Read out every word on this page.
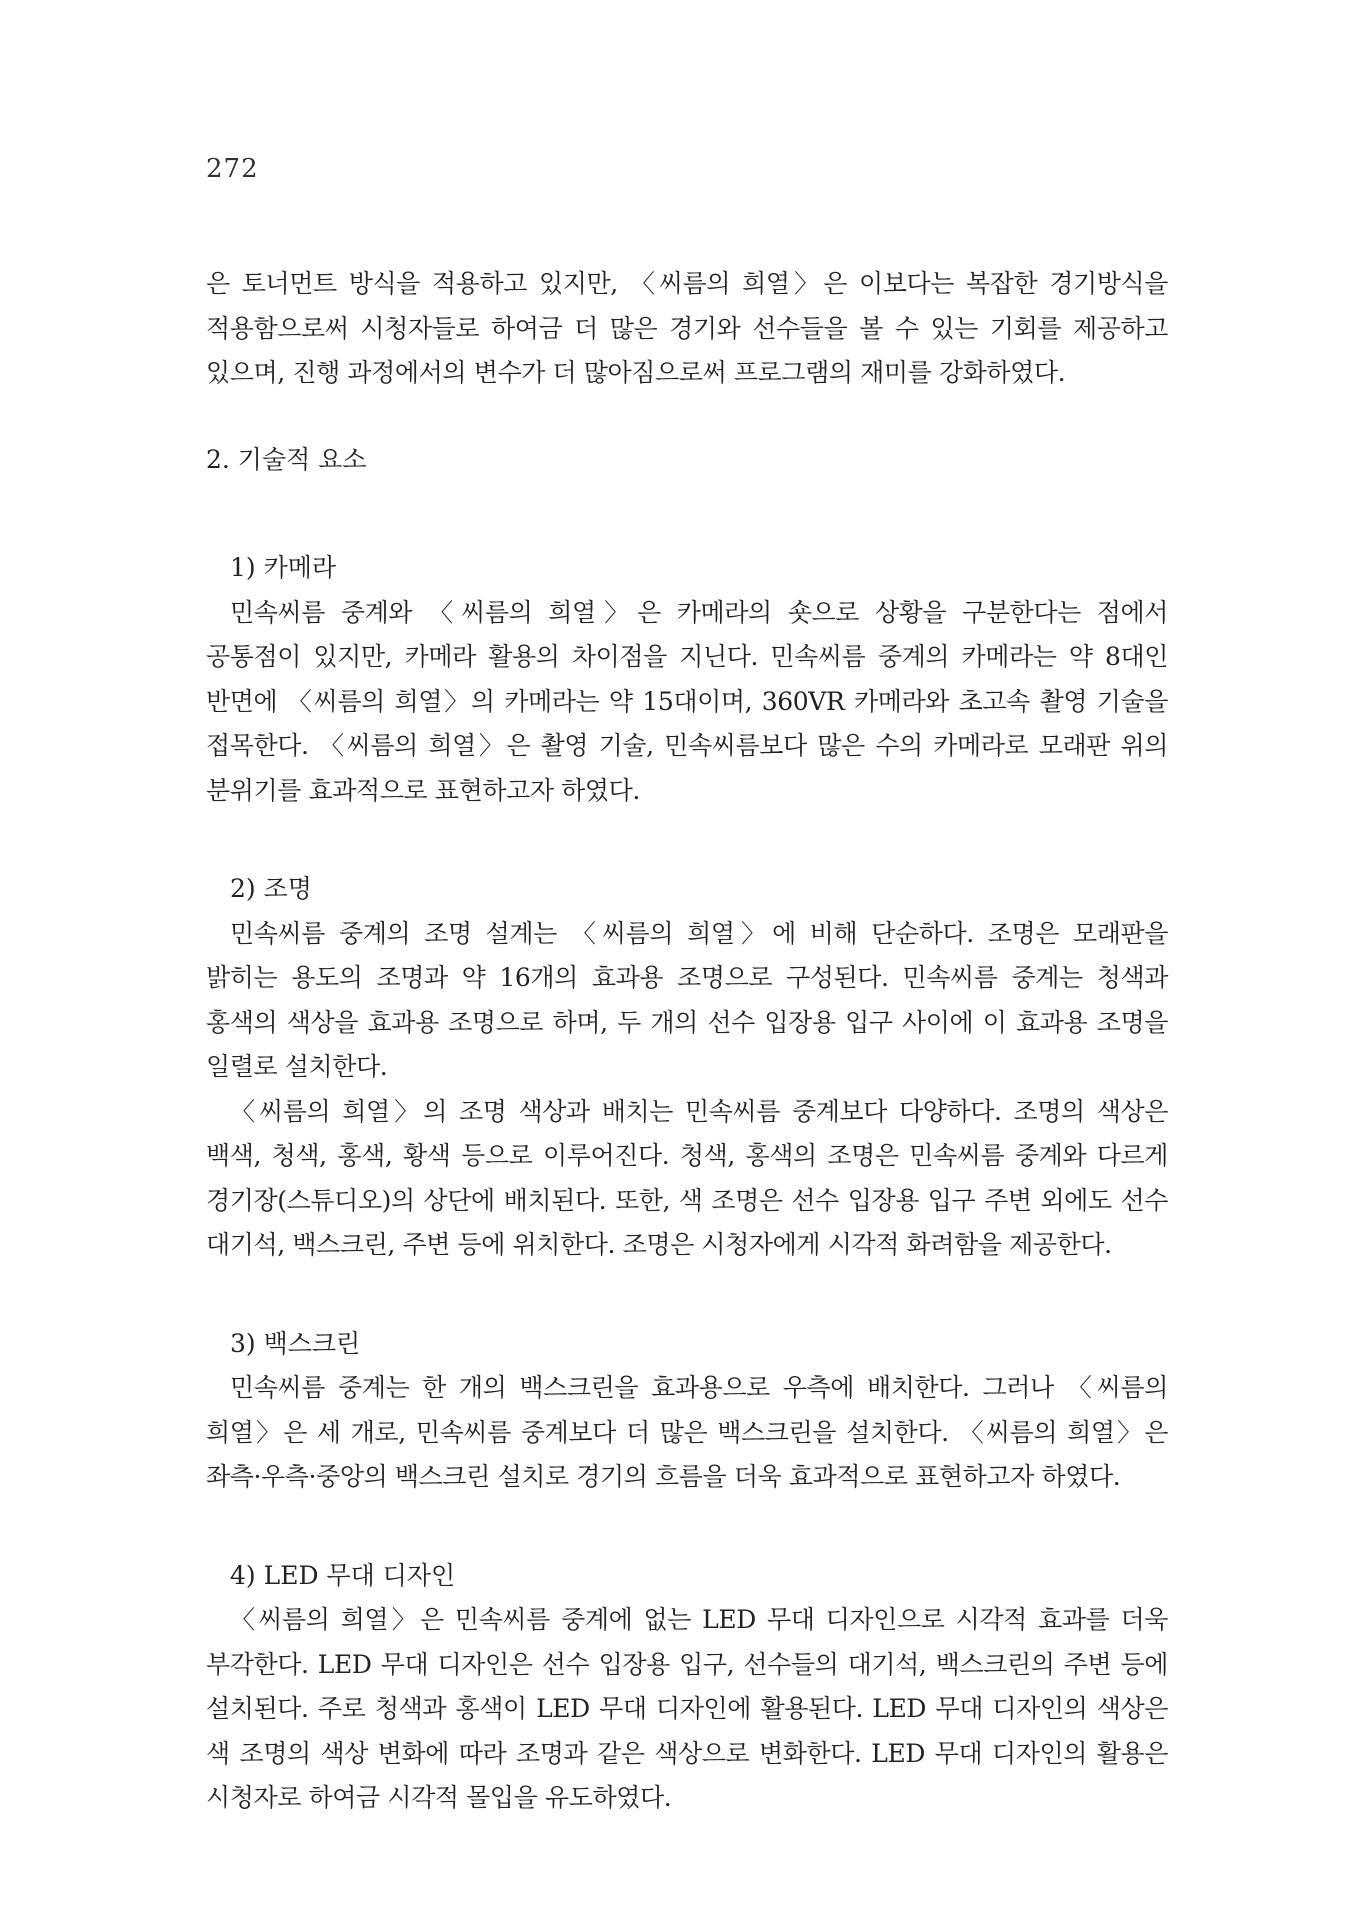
272

은 토너먼트 방식을 적용하고 있지만, 〈씨름의 희열〉은 이보다는 복잡한 경기방식을 적용함으로써 시청자들로 하여금 더 많은 경기와 선수들을 볼 수 있는 기회를 제공하고 있으며, 진행 과정에서의 변수가 더 많아짐으로써 프로그램의 재미를 강화하였다.

2. 기술적 요소
1) 카메라

민속씨름 중계와 〈씨름의 희열〉은 카메라의 숏으로 상황을 구분한다는 점에서 공통점이 있지만, 카메라 활용의 차이점을 지닌다. 민속씨름 중계의 카메라는 약 8대인 반면에 〈씨름의 희열〉의 카메라는 약 15대이며, 360VR 카메라와 초고속 촬영 기술을 접목한다. 〈씨름의 희열〉은 촬영 기술, 민속씨름보다 많은 수의 카메라로 모래판 위의 분위기를 효과적으로 표현하고자 하였다.

2) 조명

민속씨름 중계의 조명 설계는 〈씨름의 희열〉에 비해 단순하다. 조명은 모래판을 밝히는 용도의 조명과 약 16개의 효과용 조명으로 구성된다. 민속씨름 중계는 청색과 홍색의 색상을 효과용 조명으로 하며, 두 개의 선수 입장용 입구 사이에 이 효과용 조명을 일렬로 설치한다.

〈씨름의 희열〉의 조명 색상과 배치는 민속씨름 중계보다 다양하다. 조명의 색상은 백색, 청색, 홍색, 황색 등으로 이루어진다. 청색, 홍색의 조명은 민속씨름 중계와 다르게 경기장(스튜디오)의 상단에 배치된다. 또한, 색 조명은 선수 입장용 입구 주변 외에도 선수 대기석, 백스크린, 주변 등에 위치한다. 조명은 시청자에게 시각적 화려함을 제공한다.

3) 백스크린

민속씨름 중계는 한 개의 백스크린을 효과용으로 우측에 배치한다. 그러나 〈씨름의 희열〉은 세 개로, 민속씨름 중계보다 더 많은 백스크린을 설치한다. 〈씨름의 희열〉은 좌측·우측·중앙의 백스크린 설치로 경기의 흐름을 더욱 효과적으로 표현하고자 하였다.

4) LED 무대 디자인

〈씨름의 희열〉은 민속씨름 중계에 없는 LED 무대 디자인으로 시각적 효과를 더욱 부각한다. LED 무대 디자인은 선수 입장용 입구, 선수들의 대기석, 백스크린의 주변 등에 설치된다. 주로 청색과 홍색이 LED 무대 디자인에 활용된다. LED 무대 디자인의 색상은 색 조명의 색상 변화에 따라 조명과 같은 색상으로 변화한다. LED 무대 디자인의 활용은 시청자로 하여금 시각적 몰입을 유도하였다.
